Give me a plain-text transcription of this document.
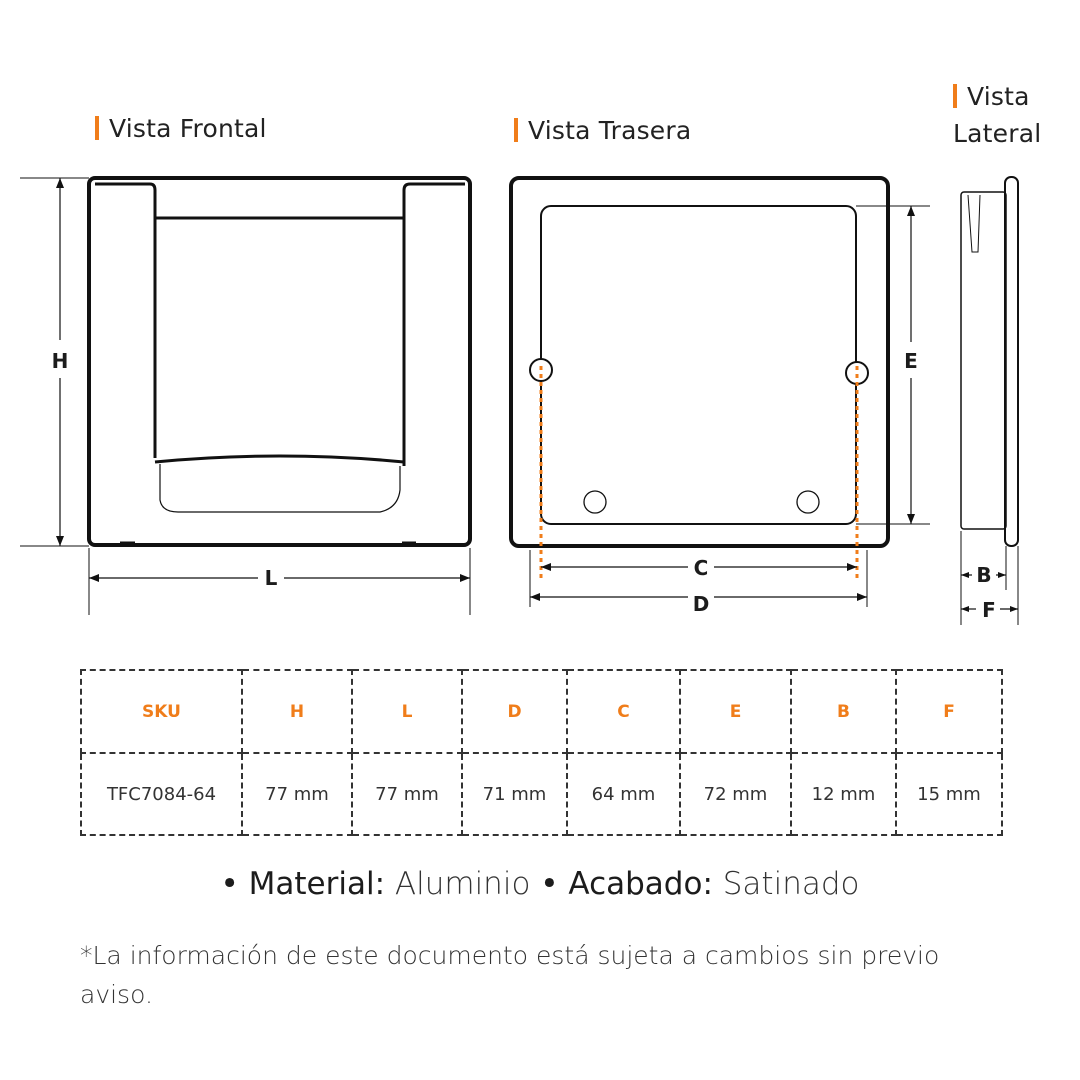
Vista Frontal	Vista Trasera
Vista
Lateral
H
L	C
D
E
B
F
SKU	H	L	D	C	E	B	F
TFC7084-64	77 mm	77 mm	71 mm	64 mm	72 mm	12 mm	15 mm
• Material: Aluminio • Acabado: Satinado
*La información de este documento está sujeta a cambios sin previo aviso.
